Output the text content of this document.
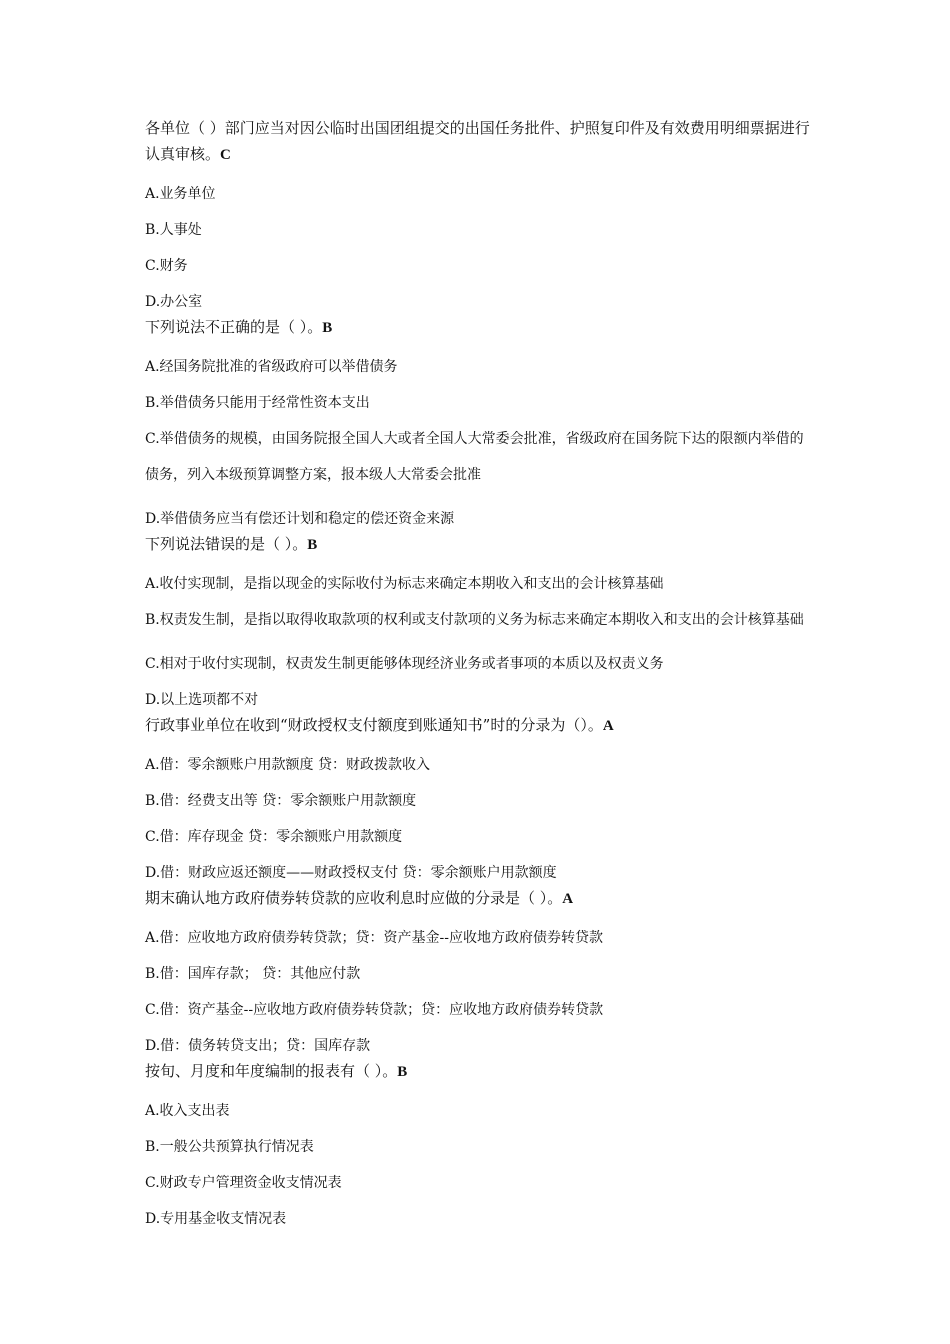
各单位（ ）部门应当对因公临时出国团组提交的出国任务批件、护照复印件及有效费用明细票据进行认真审核。C

A.业务单位

B.人事处

C.财务

D.办公室

下列说法不正确的是（ ）。B

A.经国务院批准的省级政府可以举借债务

B.举借债务只能用于经常性资本支出

C.举借债务的规模，由国务院报全国人大或者全国人大常委会批准，省级政府在国务院下达的限额内举借的债务，列入本级预算调整方案，报本级人大常委会批准

D.举借债务应当有偿还计划和稳定的偿还资金来源

下列说法错误的是（ ）。B

A.收付实现制，是指以现金的实际收付为标志来确定本期收入和支出的会计核算基础

B.权责发生制，是指以取得收取款项的权利或支付款项的义务为标志来确定本期收入和支出的会计核算基础

C.相对于收付实现制，权责发生制更能够体现经济业务或者事项的本质以及权责义务

D.以上选项都不对

行政事业单位在收到“财政授权支付额度到账通知书”时的分录为（）。A

A.借：零余额账户用款额度 贷：财政拨款收入

B.借：经费支出等 贷：零余额账户用款额度

C.借：库存现金 贷：零余额账户用款额度

D.借：财政应返还额度——财政授权支付 贷：零余额账户用款额度

期末确认地方政府债券转贷款的应收利息时应做的分录是（ ）。A

A.借：应收地方政府债券转贷款；贷：资产基金--应收地方政府债券转贷款

B.借：国库存款； 贷：其他应付款

C.借：资产基金--应收地方政府债券转贷款；贷：应收地方政府债券转贷款

D.借：债务转贷支出；贷：国库存款

按旬、月度和年度编制的报表有（ ）。B

A.收入支出表

B.一般公共预算执行情况表

C.财政专户管理资金收支情况表

D.专用基金收支情况表
